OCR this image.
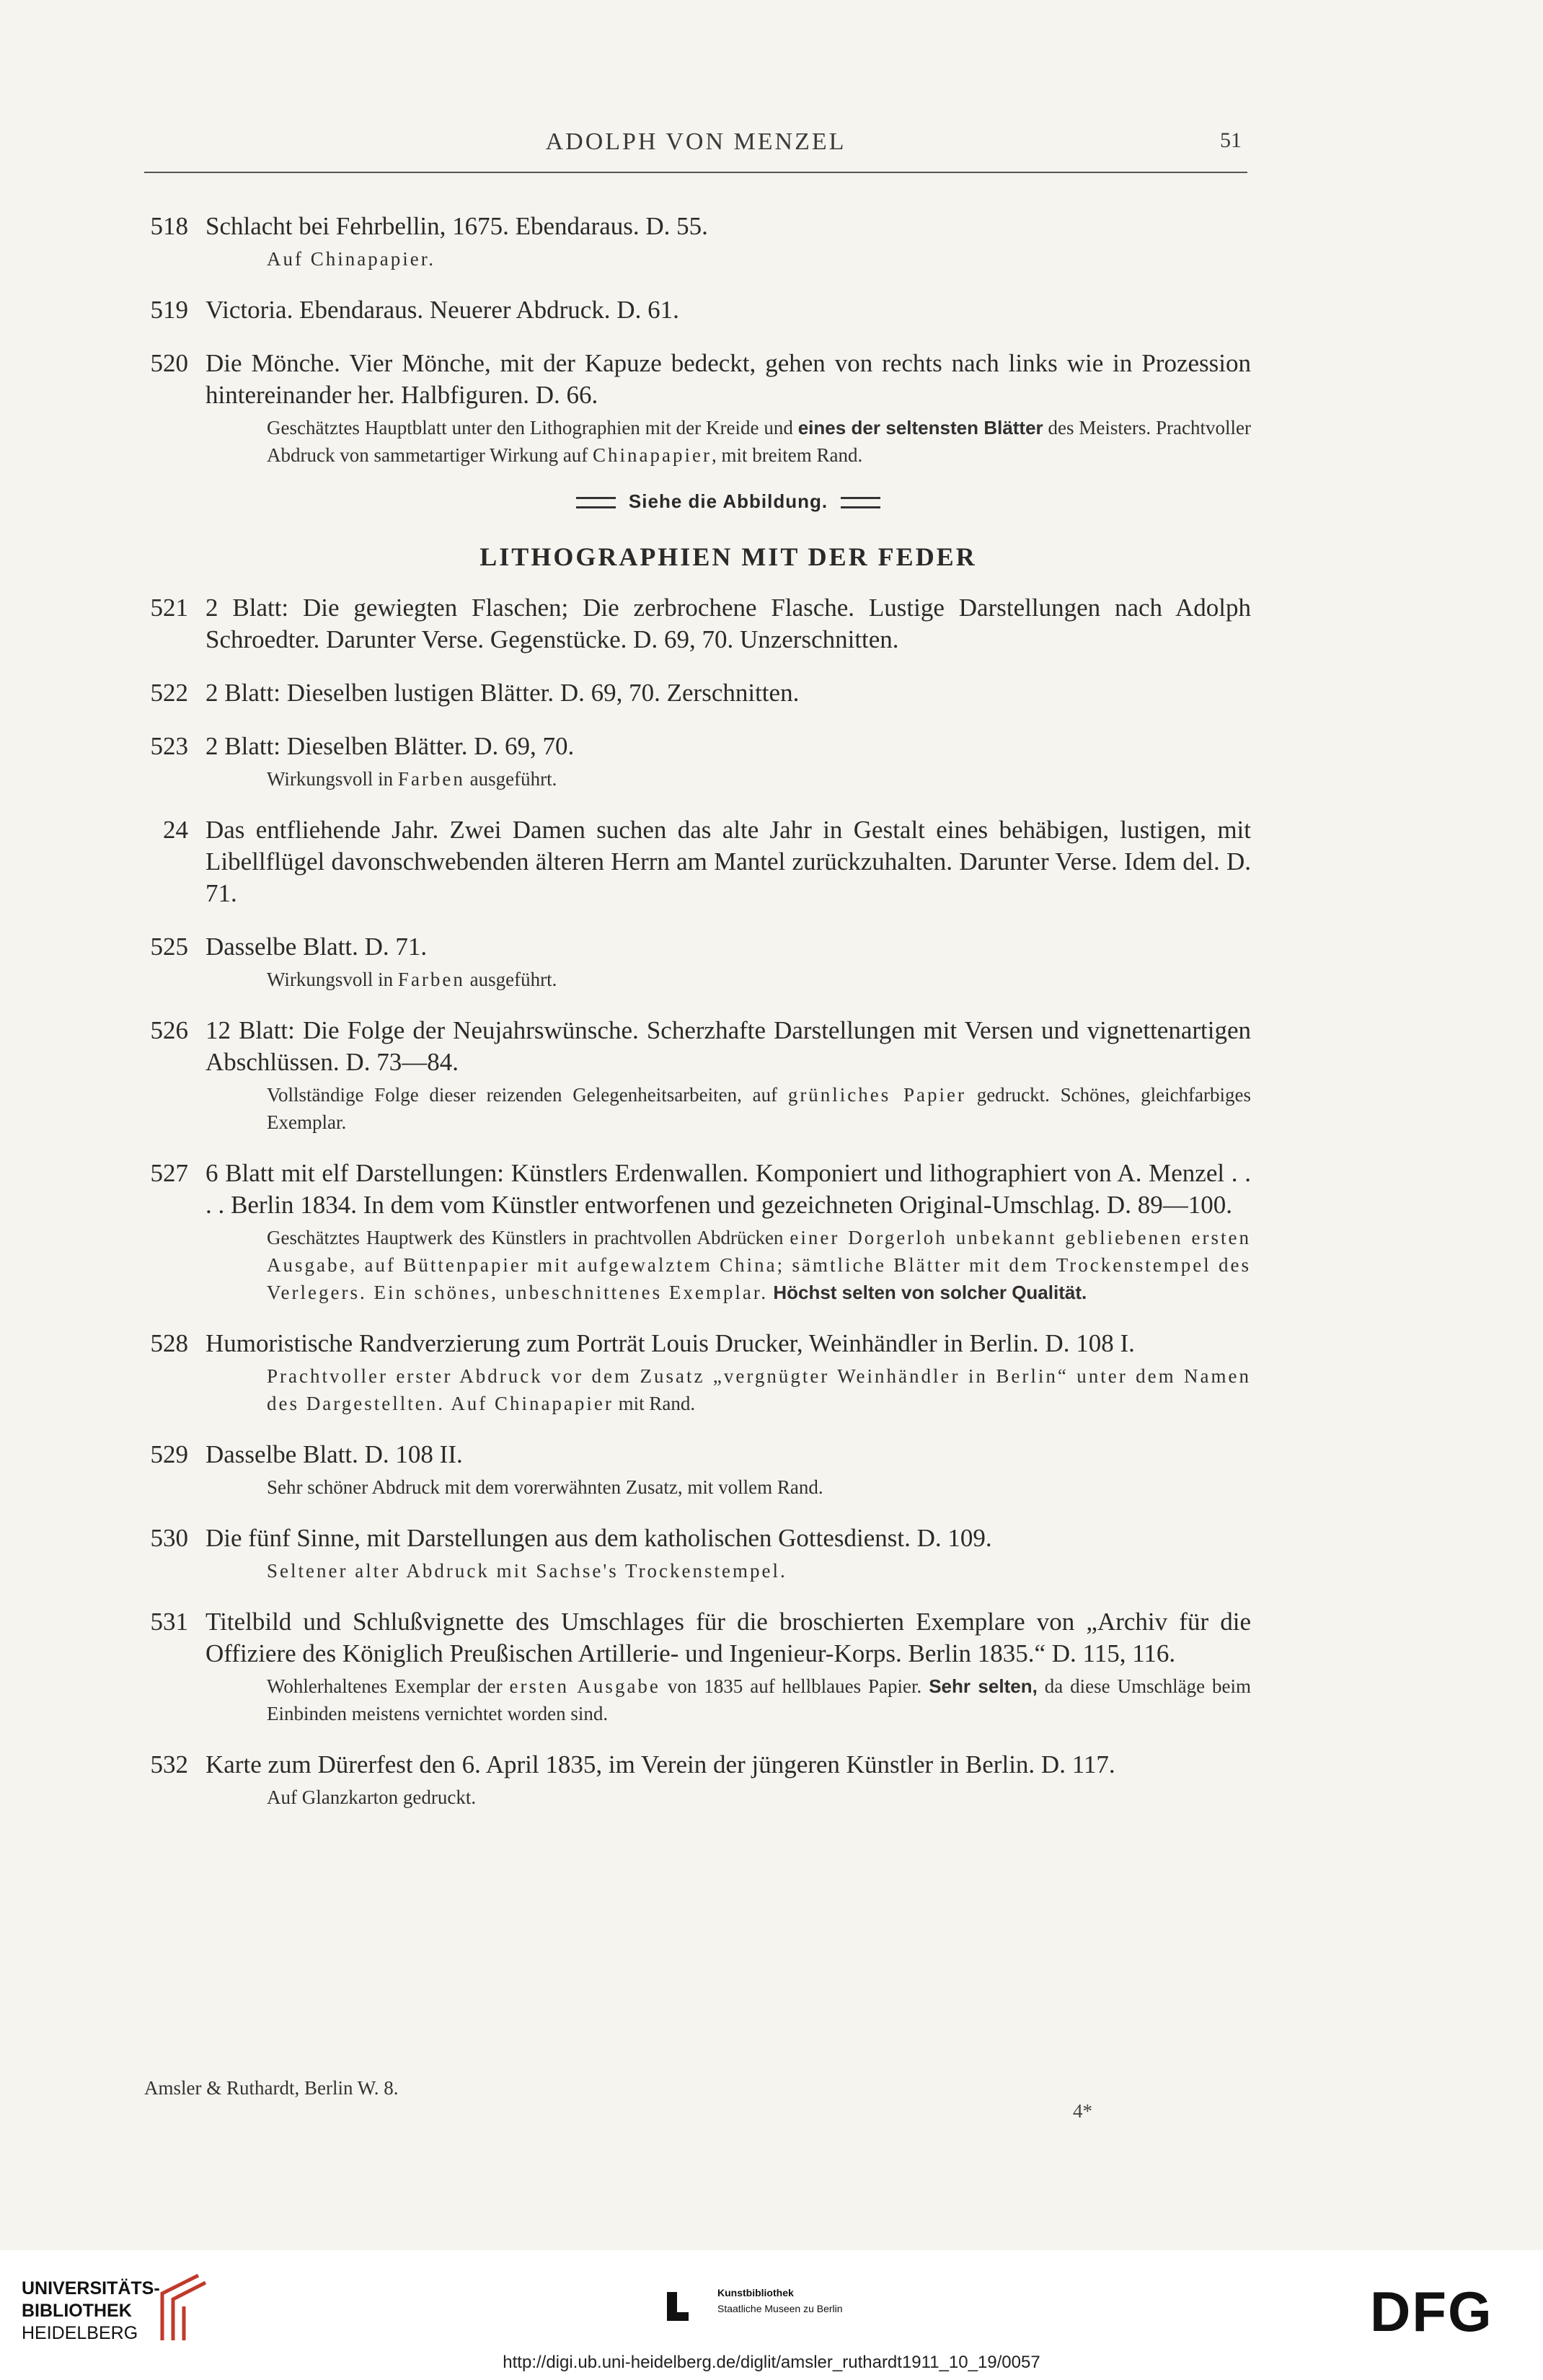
ADOLPH VON MENZEL	51
518 Schlacht bei Fehrbellin, 1675. Ebendaraus. D. 55.
Auf Chinapapier.
519 Victoria. Ebendaraus. Neuerer Abdruck. D. 61.
520 Die Mönche. Vier Mönche, mit der Kapuze bedeckt, gehen von rechts nach links wie in Prozession hintereinander her. Halbfiguren. D. 66.
Geschätztes Hauptblatt unter den Lithographien mit der Kreide und eines der seltensten Blätter des Meisters. Prachtvoller Abdruck von sammetartiger Wirkung auf Chinapapier, mit breitem Rand.
Siehe die Abbildung.
LITHOGRAPHIEN MIT DER FEDER
521 2 Blatt: Die gewiegten Flaschen; Die zerbrochene Flasche. Lustige Darstellungen nach Adolph Schroedter. Darunter Verse. Gegenstücke. D. 69, 70. Unzerschnitten.
522 2 Blatt: Dieselben lustigen Blätter. D. 69, 70. Zerschnitten.
523 2 Blatt: Dieselben Blätter. D. 69, 70.
Wirkungsvoll in Farben ausgeführt.
24 Das entfliehende Jahr. Zwei Damen suchen das alte Jahr in Gestalt eines behäbigen, lustigen, mit Libellflügel davonschwebenden älteren Herrn am Mantel zurückzuhalten. Darunter Verse. Idem del. D. 71.
525 Dasselbe Blatt. D. 71.
Wirkungsvoll in Farben ausgeführt.
526 12 Blatt: Die Folge der Neujahrswünsche. Scherzhafte Darstellungen mit Versen und vignettenartigen Abschlüssen. D. 73—84.
Vollständige Folge dieser reizenden Gelegenheitsarbeiten, auf grünliches Papier gedruckt. Schönes, gleichfarbiges Exemplar.
527 6 Blatt mit elf Darstellungen: Künstlers Erdenwallen. Komponiert und lithographiert von A. Menzel . . . . Berlin 1834. In dem vom Künstler entworfenen und gezeichneten Original-Umschlag. D. 89—100.
Geschätztes Hauptwerk des Künstlers in prachtvollen Abdrücken einer Dorgerloh unbekannt gebliebenen ersten Ausgabe, auf Büttenpapier mit aufgewalztem China; sämtliche Blätter mit dem Trockenstempel des Verlegers. Ein schönes, unbeschnittenes Exemplar. Höchst selten von solcher Qualität.
528 Humoristische Randverzierung zum Porträt Louis Drucker, Weinhändler in Berlin. D. 108 I.
Prachtvoller erster Abdruck vor dem Zusatz „vergnügter Weinhändler in Berlin“ unter dem Namen des Dargestellten. Auf Chinapapier mit Rand.
529 Dasselbe Blatt. D. 108 II.
Sehr schöner Abdruck mit dem vorerwähnten Zusatz, mit vollem Rand.
530 Die fünf Sinne, mit Darstellungen aus dem katholischen Gottesdienst. D. 109.
Seltener alter Abdruck mit Sachse's Trockenstempel.
531 Titelbild und Schlußvignette des Umschlages für die broschierten Exemplare von „Archiv für die Offiziere des Königlich Preußischen Artillerie- und Ingenieur-Korps. Berlin 1835.“ D. 115, 116.
Wohlerhaltenes Exemplar der ersten Ausgabe von 1835 auf hellblaues Papier. Sehr selten, da diese Umschläge beim Einbinden meistens vernichtet worden sind.
532 Karte zum Dürerfest den 6. April 1835, im Verein der jüngeren Künstler in Berlin. D. 117.
Auf Glanzkarton gedruckt.
Amsler & Ruthardt, Berlin W. 8.
4*
UNIVERSITÄTS-
BIBLIOTHEK
HEIDELBERG
Kunstbibliothek
Staatliche Museen zu Berlin	DFG
http://digi.ub.uni-heidelberg.de/diglit/amsler_ruthardt1911_10_19/0057
